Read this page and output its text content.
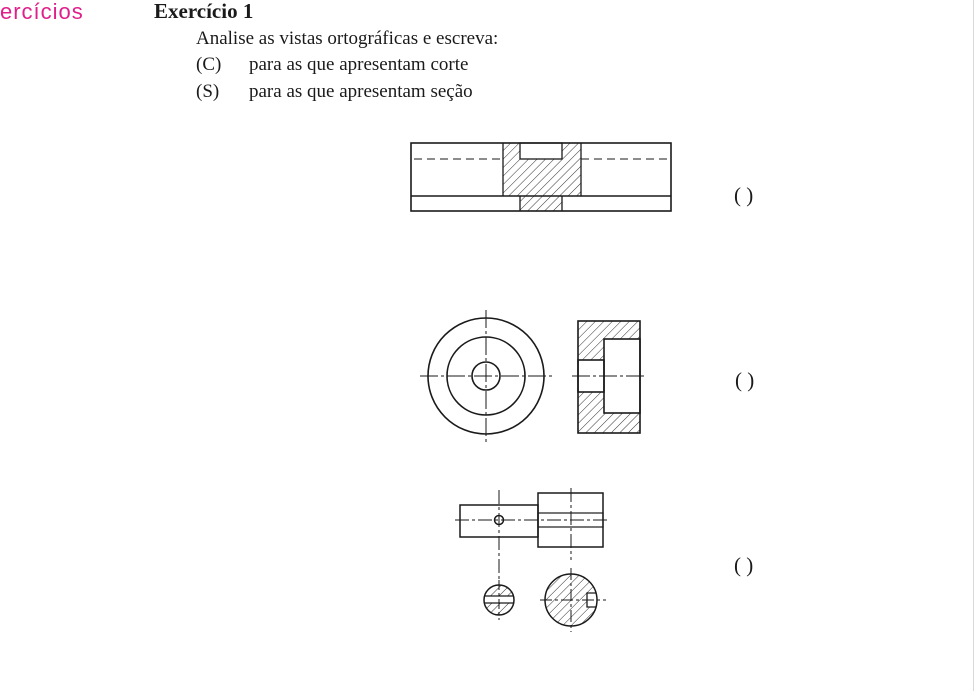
ercícios	Exercício 1
Analise as vistas ortográficas e escreva:
(C) para as que apresentam corte
(S) para as que apresentam seção
( )
( )
( )
